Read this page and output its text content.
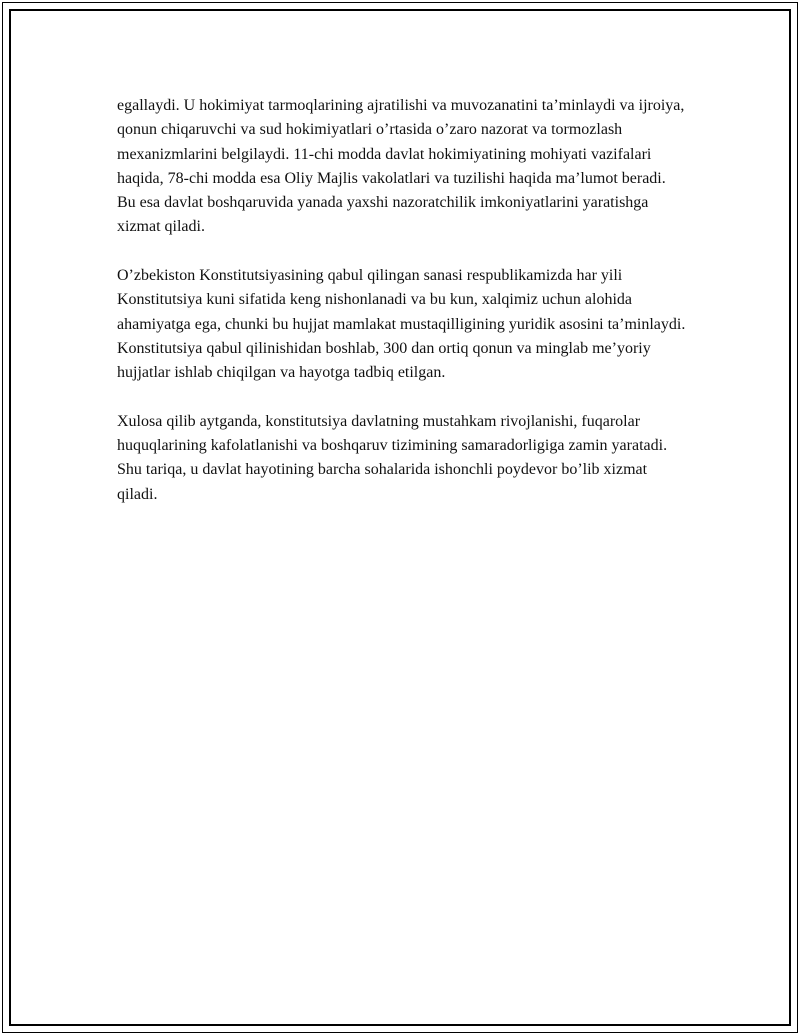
egallaydi. U hokimiyat tarmoqlarining ajratilishi va muvozanatini ta’minlaydi va ijroiya, qonun chiqaruvchi va sud hokimiyatlari o’rtasida o’zaro nazorat va tormozlash mexanizmlarini belgilaydi. 11-chi modda davlat hokimiyatining mohiyati vazifalari haqida, 78-chi modda esa Oliy Majlis vakolatlari va tuzilishi haqida ma’lumot beradi. Bu esa davlat boshqaruvida yanada yaxshi nazoratchilik imkoniyatlarini yaratishga xizmat qiladi.

O’zbekiston Konstitutsiyasining qabul qilingan sanasi respublikamizda har yili Konstitutsiya kuni sifatida keng nishonlanadi va bu kun, xalqimiz uchun alohida ahamiyatga ega, chunki bu hujjat mamlakat mustaqilligining yuridik asosini ta’minlaydi. Konstitutsiya qabul qilinishidan boshlab, 300 dan ortiq qonun va minglab me’yoriy hujjatlar ishlab chiqilgan va hayotga tadbiq etilgan.

Xulosa qilib aytganda, konstitutsiya davlatning mustahkam rivojlanishi, fuqarolar huquqlarining kafolatlanishi va boshqaruv tizimining samaradorligiga zamin yaratadi. Shu tariqa, u davlat hayotining barcha sohalarida ishonchli poydevor bo’lib xizmat qiladi.
